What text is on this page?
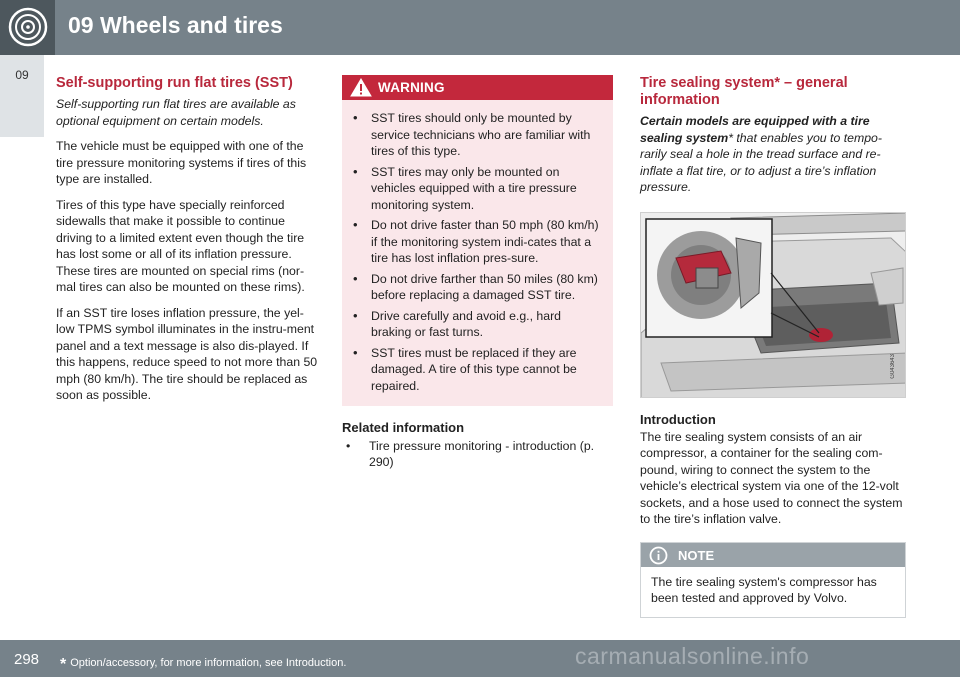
09 Wheels and tires
09	Self-supporting run flat tires (SST)

Self-supporting run flat tires are available as optional equipment on certain models.

The vehicle must be equipped with one of the tire pressure monitoring systems if tires of this type are installed.

Tires of this type have specially reinforced sidewalls that make it possible to continue driving to a limited extent even though the tire has lost some or all of its inflation pressure. These tires are mounted on special rims (nor-mal tires can also be mounted on these rims).

If an SST tire loses inflation pressure, the yel-low TPMS symbol illuminates in the instru-ment panel and a text message is also dis-played. If this happens, reduce speed to not more than 50 mph (80 km/h). The tire should be replaced as soon as possible.

WARNING
• SST tires should only be mounted by service technicians who are familiar with tires of this type.
• SST tires may only be mounted on vehicles equipped with a tire pressure monitoring system.
• Do not drive faster than 50 mph (80 km/h) if the monitoring system indi-cates that a tire has lost inflation pres-sure.
• Do not drive farther than 50 miles (80 km) before replacing a damaged SST tire.
• Drive carefully and avoid e.g., hard braking or fast turns.
• SST tires must be replaced if they are damaged. A tire of this type cannot be repaired.
Related information
• Tire pressure monitoring - introduction (p. 290)
Tire sealing system* – general information

Certain models are equipped with a tire sealing system* that enables you to tempo-rarily seal a hole in the tread surface and re-inflate a flat tire, or to adjust a tire’s inflation pressure.

G043643
Introduction

The tire sealing system consists of an air compressor, a container for the sealing com-pound, wiring to connect the system to the vehicle’s electrical system via one of the 12-volt sockets, and a hose used to connect the system to the tire’s inflation valve.

NOTE
The tire sealing system's compressor has been tested and approved by Volvo.
298 * Option/accessory, for more information, see Introduction.	carmanualsonline.info
